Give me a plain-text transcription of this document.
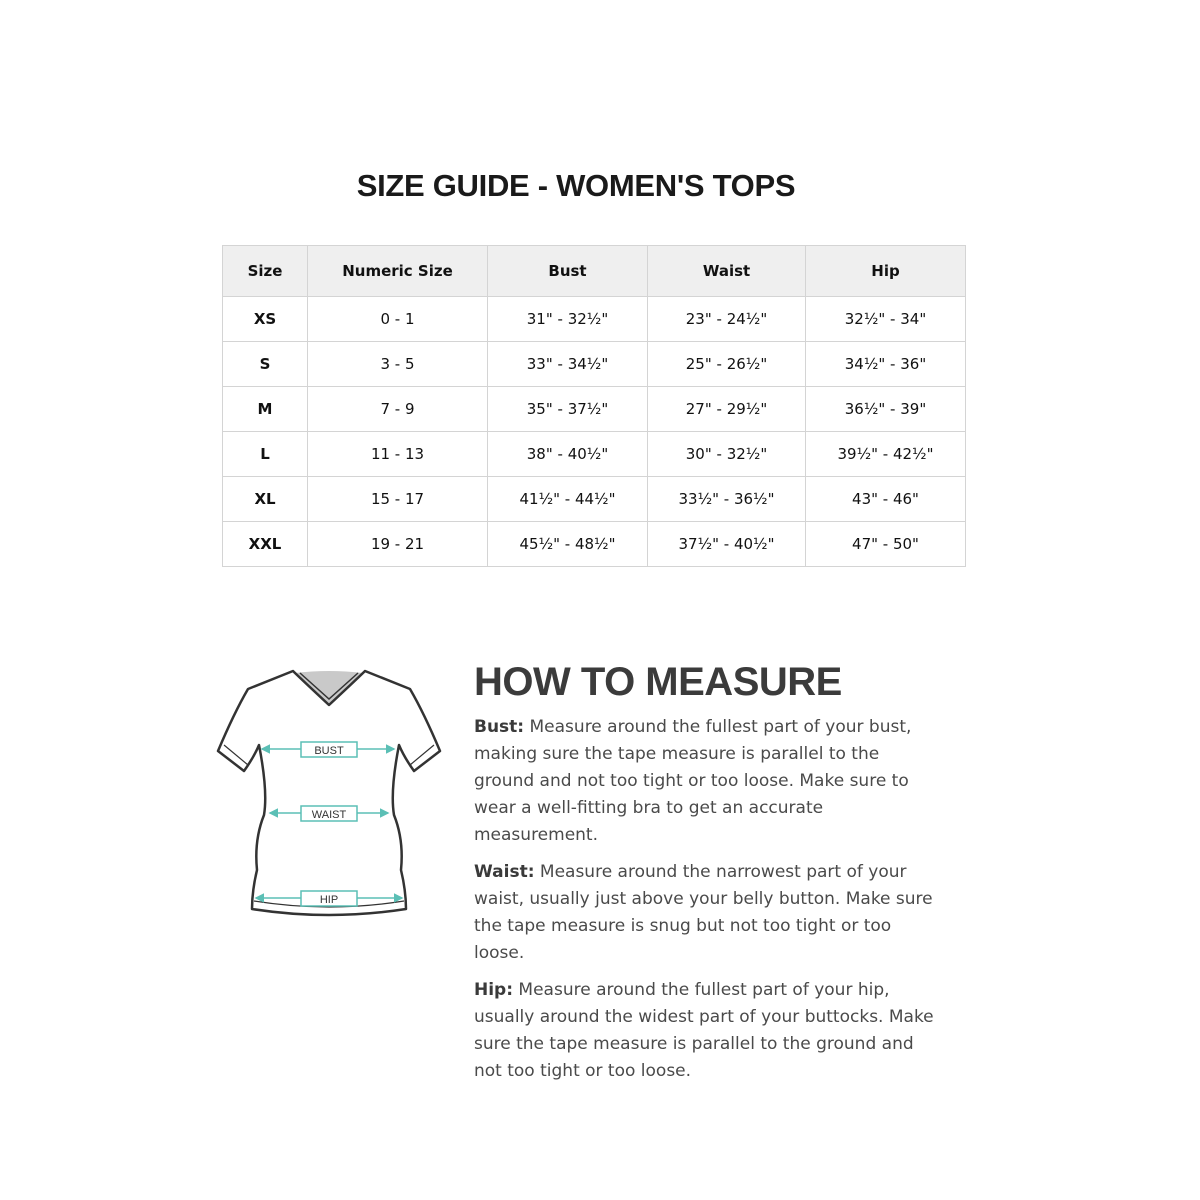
SIZE GUIDE - WOMEN'S TOPS
Size	Numeric Size	Bust	Waist	Hip
XS	0 - 1	31" - 32½"	23" - 24½"	32½" - 34"
S	3 - 5	33" - 34½"	25" - 26½"	34½" - 36"
M	7 - 9	35" - 37½"	27" - 29½"	36½" - 39"
L	11 - 13	38" - 40½"	30" - 32½"	39½" - 42½"
XL	15 - 17	41½" - 44½"	33½" - 36½"	43" - 46"
XXL	19 - 21	45½" - 48½"	37½" - 40½"	47" - 50"
BUST
WAIST
HIP
HOW TO MEASURE

Bust: Measure around the fullest part of your bust, making sure the tape measure is parallel to the ground and not too tight or too loose. Make sure to wear a well-fitting bra to get an accurate measurement.

Waist: Measure around the narrowest part of your waist, usually just above your belly button. Make sure the tape measure is snug but not too tight or too loose.

Hip: Measure around the fullest part of your hip, usually around the widest part of your buttocks. Make sure the tape measure is parallel to the ground and not too tight or too loose.
